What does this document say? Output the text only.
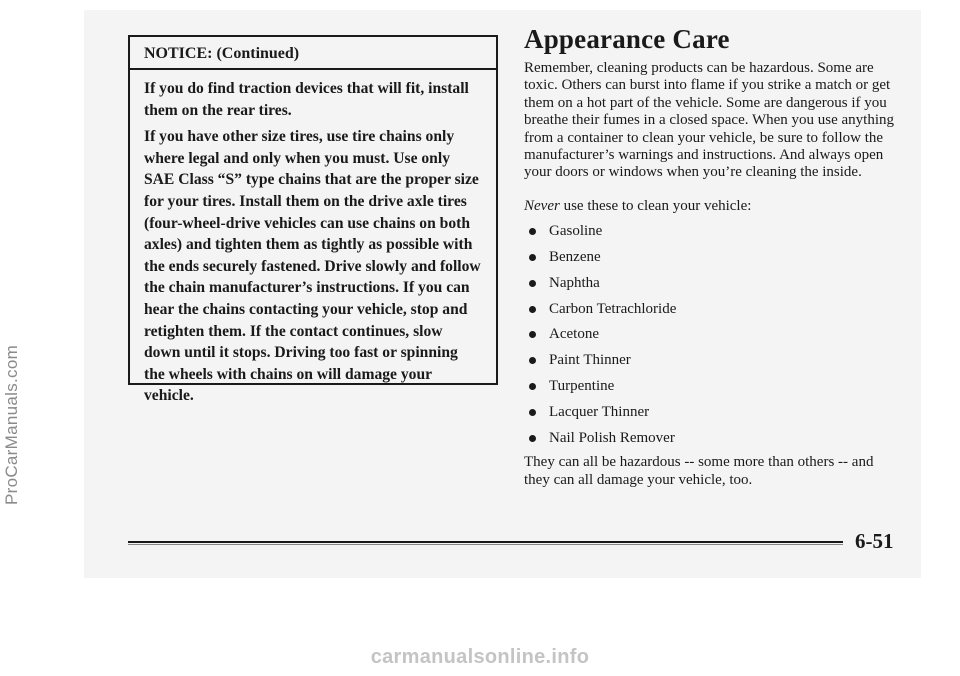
ProCarManuals.com
NOTICE: (Continued)

If you do find traction devices that will fit, install them on the rear tires.

If you have other size tires, use tire chains only where legal and only when you must. Use only SAE Class “S” type chains that are the proper size for your tires. Install them on the drive axle tires (four-wheel-drive vehicles can use chains on both axles) and tighten them as tightly as possible with the ends securely fastened. Drive slowly and follow the chain manufacturer’s instructions. If you can hear the chains contacting your vehicle, stop and retighten them. If the contact continues, slow down until it stops. Driving too fast or spinning the wheels with chains on will damage your vehicle.

Appearance Care

Remember, cleaning products can be hazardous. Some are toxic. Others can burst into flame if you strike a match or get them on a hot part of the vehicle. Some are dangerous if you breathe their fumes in a closed space. When you use anything from a container to clean your vehicle, be sure to follow the manufacturer’s warnings and instructions. And always open your doors or windows when you’re cleaning the inside.

Never use these to clean your vehicle:

Gasoline
Benzene
Naphtha
Carbon Tetrachloride
Acetone
Paint Thinner
Turpentine
Lacquer Thinner
Nail Polish Remover

They can all be hazardous -- some more than others -- and they can all damage your vehicle, too.

6-51
carmanualsonline.info
